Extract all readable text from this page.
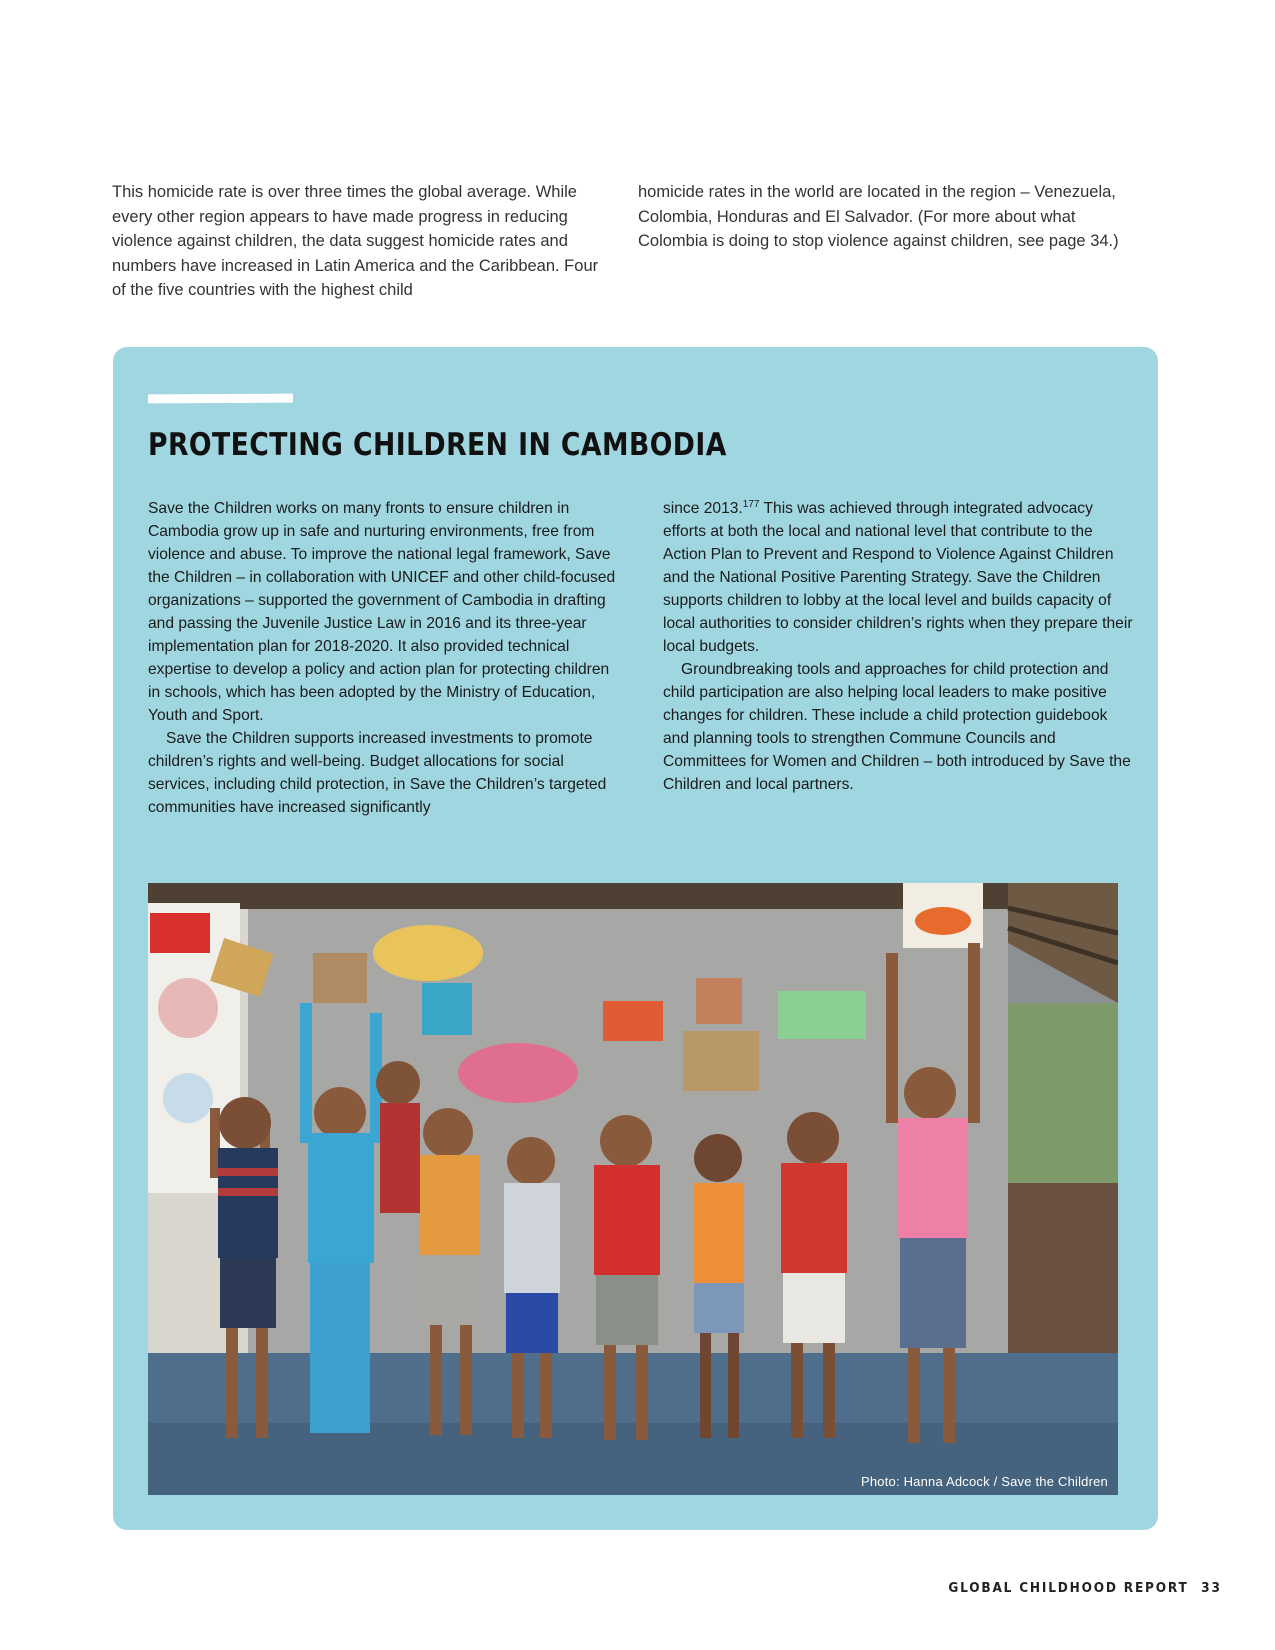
This homicide rate is over three times the global average. While every other region appears to have made progress in reducing violence against children, the data suggest homicide rates and numbers have increased in Latin America and the Caribbean. Four of the five countries with the highest child

homicide rates in the world are located in the region – Venezuela, Colombia, Honduras and El Salvador. (For more about what Colombia is doing to stop violence against children, see page 34.)

PROTECTING CHILDREN IN CAMBODIA

Save the Children works on many fronts to ensure children in Cambodia grow up in safe and nurturing environments, free from violence and abuse. To improve the national legal framework, Save the Children – in collaboration with UNICEF and other child-focused organizations – supported the government of Cambodia in drafting and passing the Juvenile Justice Law in 2016 and its three-year implementation plan for 2018-2020. It also provided technical expertise to develop a policy and action plan for protecting children in schools, which has been adopted by the Ministry of Education, Youth and Sport.

Save the Children supports increased investments to promote children’s rights and well-being. Budget allocations for social services, including child protection, in Save the Children’s targeted communities have increased significantly

since 2013.$^{177}$ This was achieved through integrated advocacy efforts at both the local and national level that contribute to the Action Plan to Prevent and Respond to Violence Against Children and the National Positive Parenting Strategy. Save the Children supports children to lobby at the local level and builds capacity of local authorities to consider children’s rights when they prepare their local budgets.

Groundbreaking tools and approaches for child protection and child participation are also helping local leaders to make positive changes for children. These include a child protection guidebook and planning tools to strengthen Commune Councils and Committees for Women and Children – both introduced by Save the Children and local partners.

Photo: Hanna Adcock / Save the Children
GLOBAL CHILDHOOD REPORT 33
